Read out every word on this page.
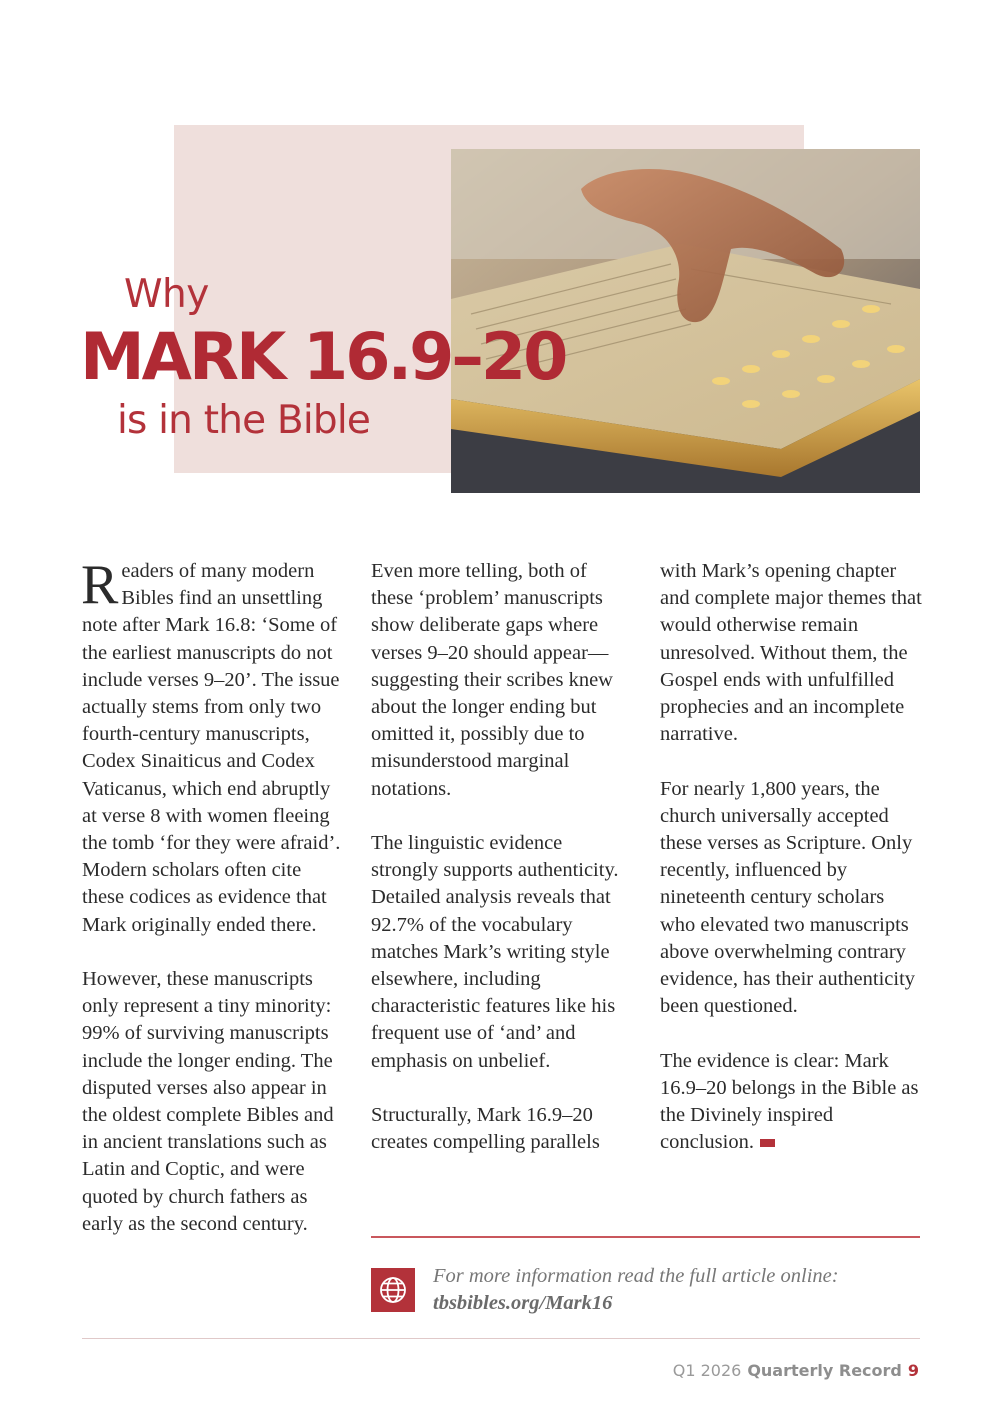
Why
MARK 16.9–20
is in the Bible

Readers of many modern Bibles find an unsettling note after Mark 16.8: ‘Some of the earliest manuscripts do not include verses 9–20’. The issue actually stems from only two fourth-century manuscripts, Codex Sinaiticus and Codex Vaticanus, which end abruptly at verse 8 with women fleeing the tomb ‘for they were afraid’. Modern scholars often cite these codices as evidence that Mark originally ended there.

However, these manuscripts only represent a tiny minority: 99% of surviving manuscripts include the longer ending. The disputed verses also appear in the oldest complete Bibles and in ancient translations such as Latin and Coptic, and were quoted by church fathers as early as the second century.

Even more telling, both of these ‘problem’ manuscripts show deliberate gaps where verses 9–20 should appear—suggesting their scribes knew about the longer ending but omitted it, possibly due to misunderstood marginal notations.

The linguistic evidence strongly supports authenticity. Detailed analysis reveals that 92.7% of the vocabulary matches Mark’s writing style elsewhere, including characteristic features like his frequent use of ‘and’ and emphasis on unbelief.

Structurally, Mark 16.9–20 creates compelling parallels

with Mark’s opening chapter and complete major themes that would otherwise remain unresolved. Without them, the Gospel ends with unfulfilled prophecies and an incomplete narrative.

For nearly 1,800 years, the church universally accepted these verses as Scripture. Only recently, influenced by nineteenth century scholars who elevated two manuscripts above overwhelming contrary evidence, has their authenticity been questioned.

The evidence is clear: Mark 16.9–20 belongs in the Bible as the Divinely inspired conclusion.

For more information read the full article online:
tbsbibles.org/Mark16
Q1 2026 Quarterly Record 9
